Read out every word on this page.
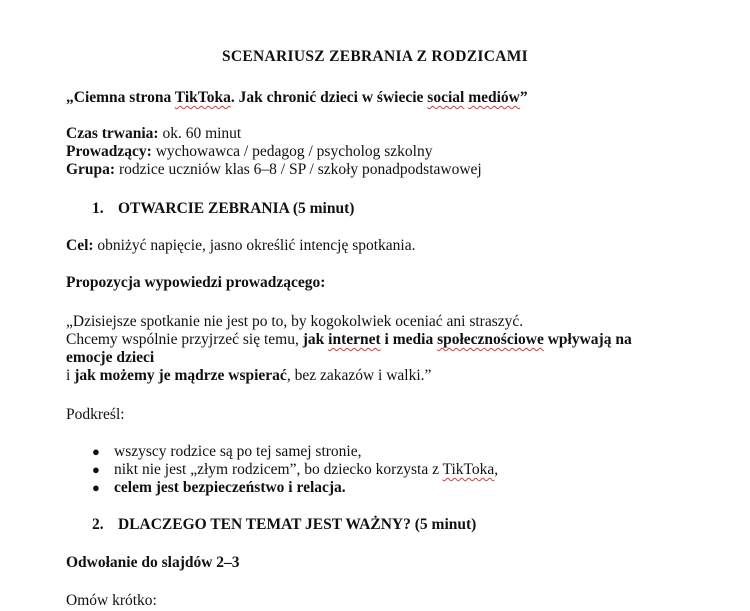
SCENARIUSZ ZEBRANIA Z RODZICAMI
„Ciemna strona TikToka. Jak chronić dzieci w świecie social mediów”
Czas trwania: ok. 60 minut
Prowadzący: wychowawca / pedagog / psycholog szkolny
Grupa: rodzice uczniów klas 6–8 / SP / szkoły ponadpodstawowej
1. OTWARCIE ZEBRANIA (5 minut)
Cel: obniżyć napięcie, jasno określić intencję spotkania.
Propozycja wypowiedzi prowadzącego:
„Dzisiejsze spotkanie nie jest po to, by kogokolwiek oceniać ani straszyć.
Chcemy wspólnie przyjrzeć się temu, jak internet i media społecznościowe wpływają na
emocje dzieci
i jak możemy je mądrze wspierać, bez zakazów i walki.”
Podkreśl:
● wszyscy rodzice są po tej samej stronie,
● nikt nie jest „złym rodzicem”, bo dziecko korzysta z TikToka,
● celem jest bezpieczeństwo i relacja.
2. DLACZEGO TEN TEMAT JEST WAŻNY? (5 minut)
Odwołanie do slajdów 2–3
Omów krótko:
